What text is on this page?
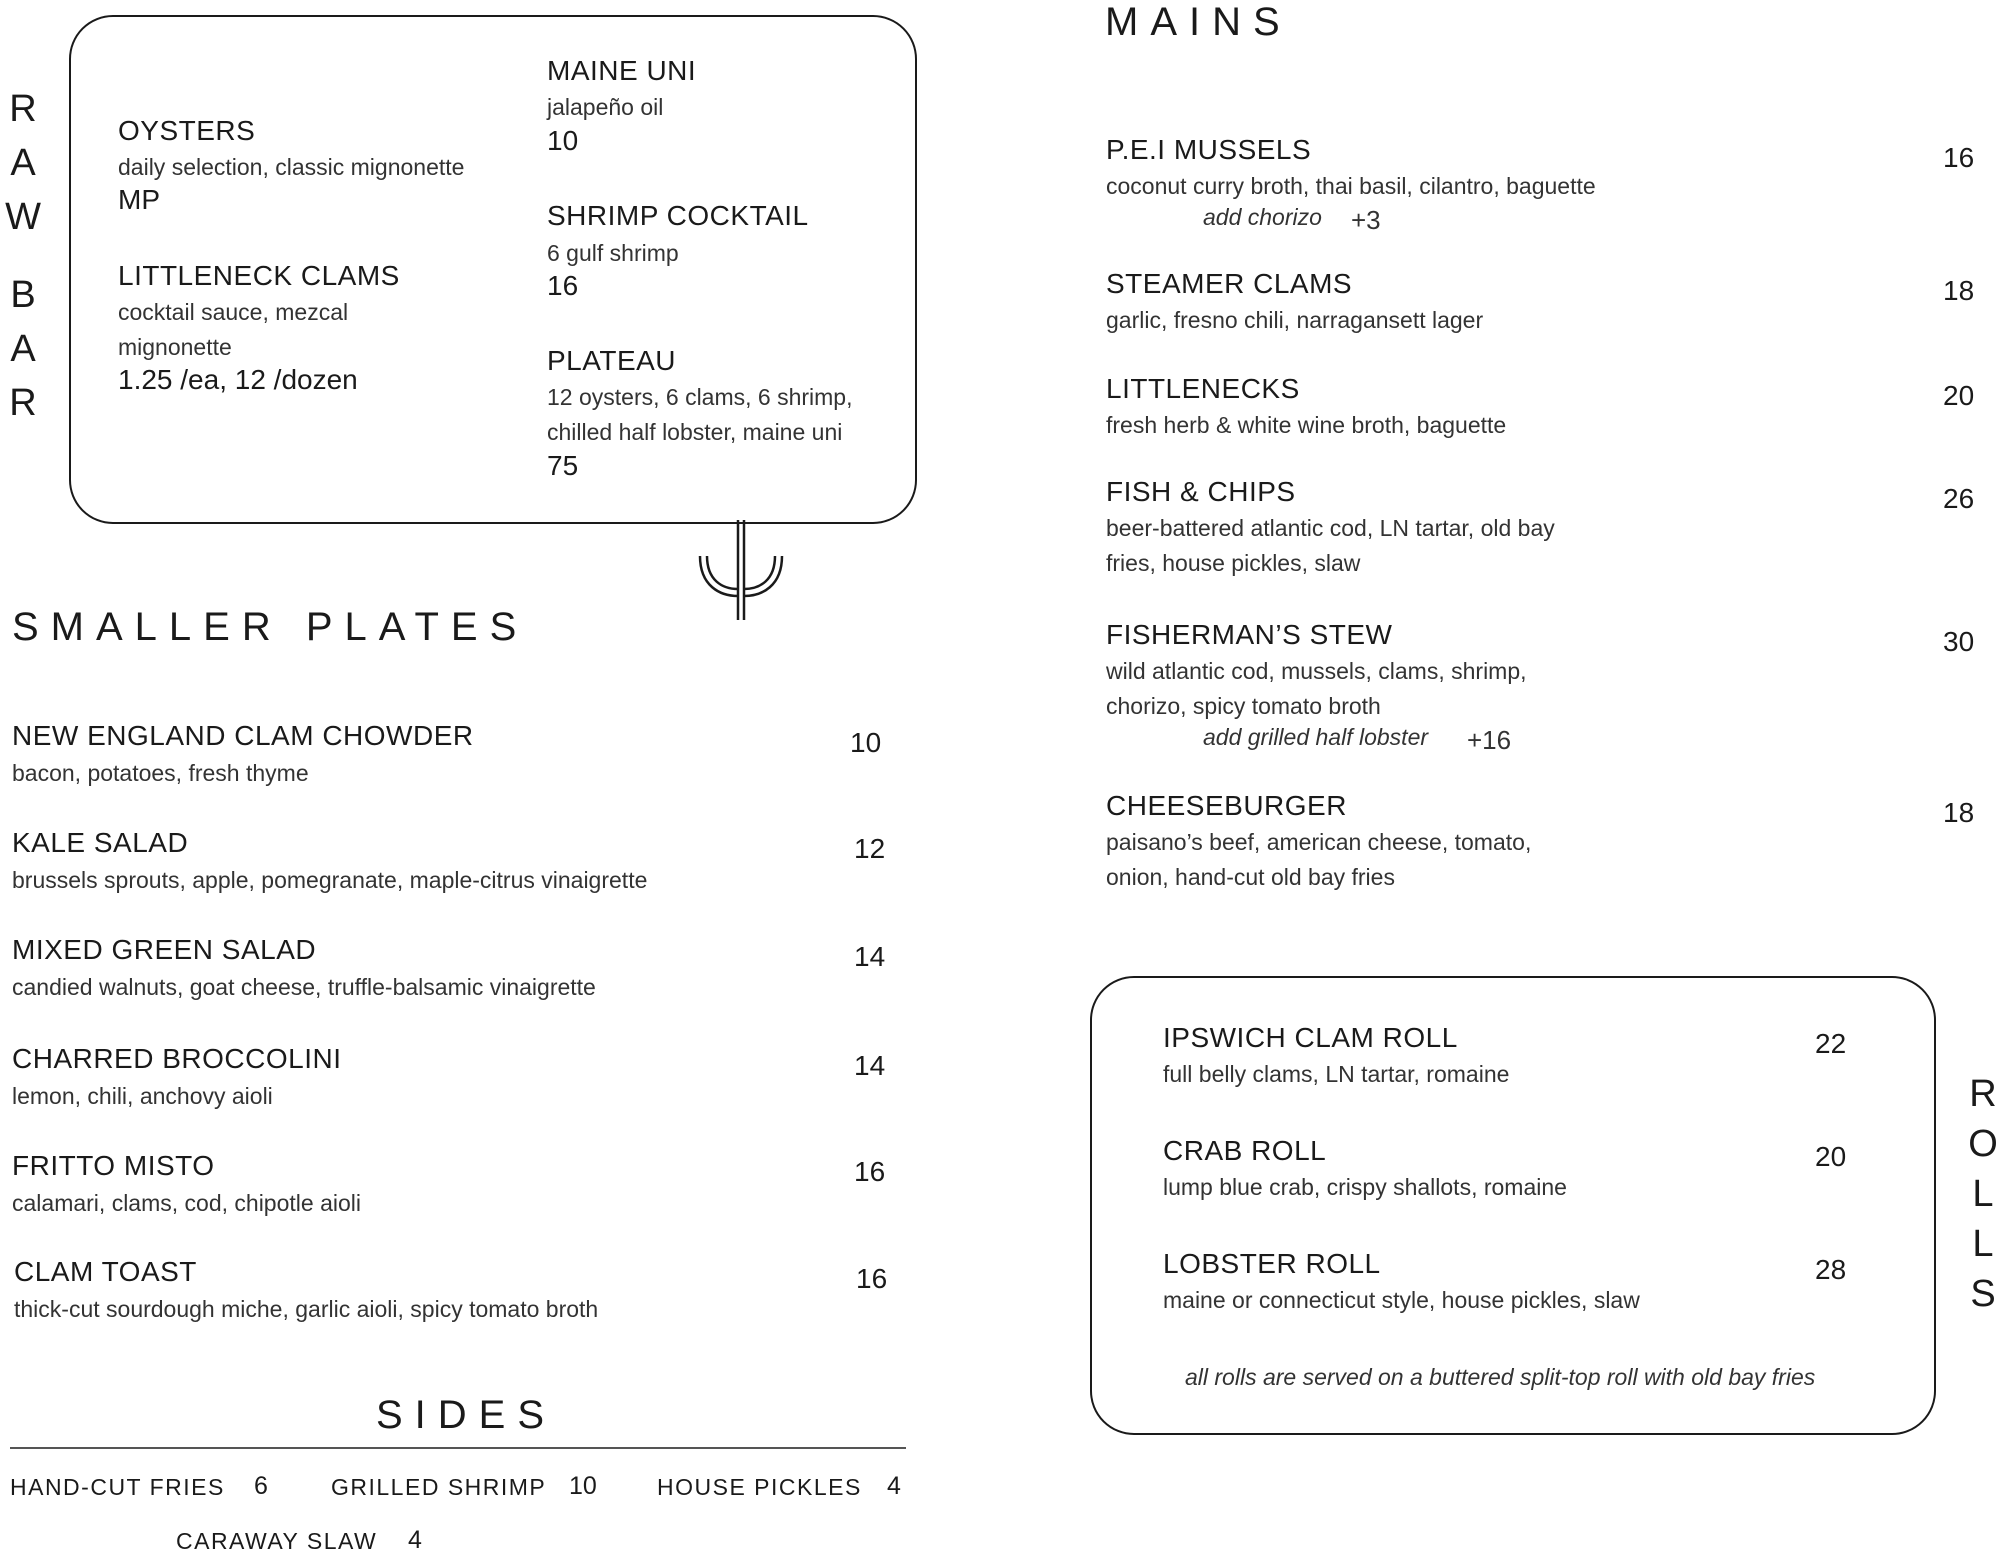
R
A
W
B
A
R
OYSTERS
daily selection, classic mignonette
MP
LITTLENECK CLAMS
cocktail sauce, mezcal
mignonette
1.25 /ea, 12 /dozen
MAINE UNI
jalapeño oil
10
SHRIMP COCKTAIL
6 gulf shrimp
16
PLATEAU
12 oysters, 6 clams, 6 shrimp,
chilled half lobster, maine uni
75
SMALLER PLATES
NEW ENGLAND CLAM CHOWDER
bacon, potatoes, fresh thyme
10
KALE SALAD
brussels sprouts, apple, pomegranate, maple-citrus vinaigrette
12
MIXED GREEN SALAD
candied walnuts, goat cheese, truffle-balsamic vinaigrette
14
CHARRED BROCCOLINI
lemon, chili, anchovy aioli
14
FRITTO MISTO
calamari, clams, cod, chipotle aioli
16
CLAM TOAST
thick-cut sourdough miche, garlic aioli, spicy tomato broth
16
SIDES
HAND-CUT FRIES 6	GRILLED SHRIMP 10	HOUSE PICKLES 4
CARAWAY SLAW 4
MAINS
P.E.I MUSSELS
coconut curry broth, thai basil, cilantro, baguette
add chorizo +3
16
STEAMER CLAMS
garlic, fresno chili, narragansett lager
18
LITTLENECKS
fresh herb & white wine broth, baguette
20
FISH & CHIPS
beer-battered atlantic cod, LN tartar, old bay
fries, house pickles, slaw
26
FISHERMAN’S STEW
wild atlantic cod, mussels, clams, shrimp,
chorizo, spicy tomato broth
add grilled half lobster +16
30
CHEESEBURGER
paisano’s beef, american cheese, tomato,
onion, hand-cut old bay fries
18
IPSWICH CLAM ROLL
full belly clams, LN tartar, romaine
22
CRAB ROLL
lump blue crab, crispy shallots, romaine
20
LOBSTER ROLL
maine or connecticut style, house pickles, slaw
28
all rolls are served on a buttered split-top roll with old bay fries
R
O
L
L
S
